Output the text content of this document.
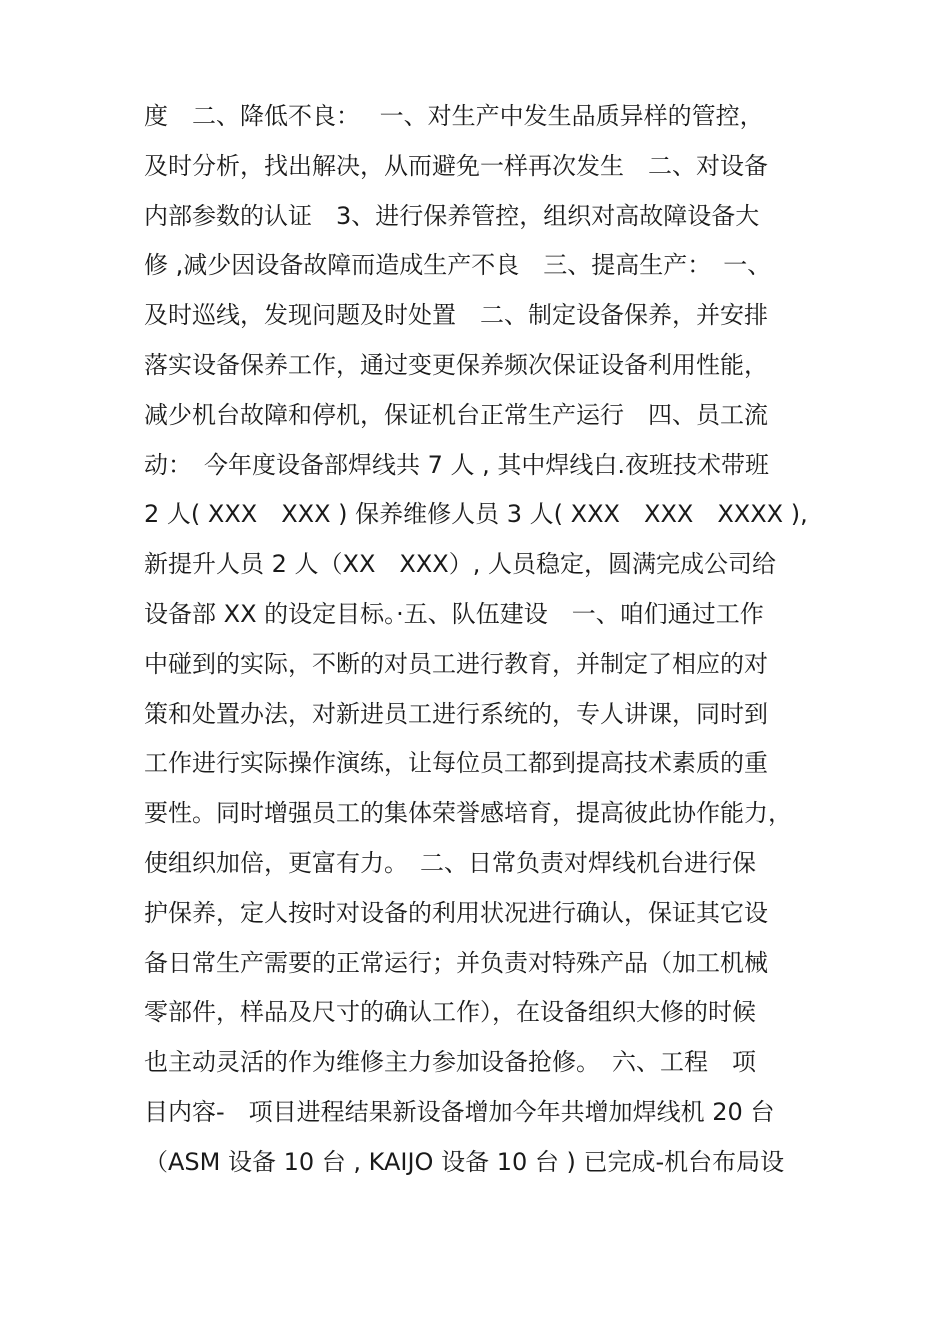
度　二、降低不良：　 一、对生产中发生品质异样的管控，
及时分析，找出解决，从而避免一样再次发生　二、对设备
内部参数的认证　3、进行保养管控，组织对高故障设备大
修 ,减少因设备故障而造成生产不良　三、提高生产：　一、
及时巡线，发现问题及时处置　二、制定设备保养，并安排
落实设备保养工作，通过变更保养频次保证设备利用性能，
减少机台故障和停机，保证机台正常生产运行　四、员工流
动：　今年度设备部焊线共 7 人 , 其中焊线白.夜班技术带班
2 人( XXX　XXX ) 保养维修人员 3 人( XXX　XXX　XXXX ),
新提升人员 2 人（XX　XXX）, 人员稳定，圆满完成公司给
设备部 XX 的设定目标。·五、队伍建设　一、咱们通过工作
中碰到的实际，不断的对员工进行教育，并制定了相应的对
策和处置办法，对新进员工进行系统的，专人讲课，同时到
工作进行实际操作演练，让每位员工都到提高技术素质的重
要性。同时增强员工的集体荣誉感培育，提高彼此协作能力，
使组织加倍，更富有力。　二、日常负责对焊线机台进行保
护保养，定人按时对设备的利用状况进行确认，保证其它设
备日常生产需要的正常运行；并负责对特殊产品（加工机械
零部件，样品及尺寸的确认工作），在设备组织大修的时候
也主动灵活的作为维修主力参加设备抢修。　六、工程　项
目内容-　项目进程结果新设备增加今年共增加焊线机 20 台
（ASM 设备 10 台 , KAIJO 设备 10 台 ) 已完成-机台布局设
